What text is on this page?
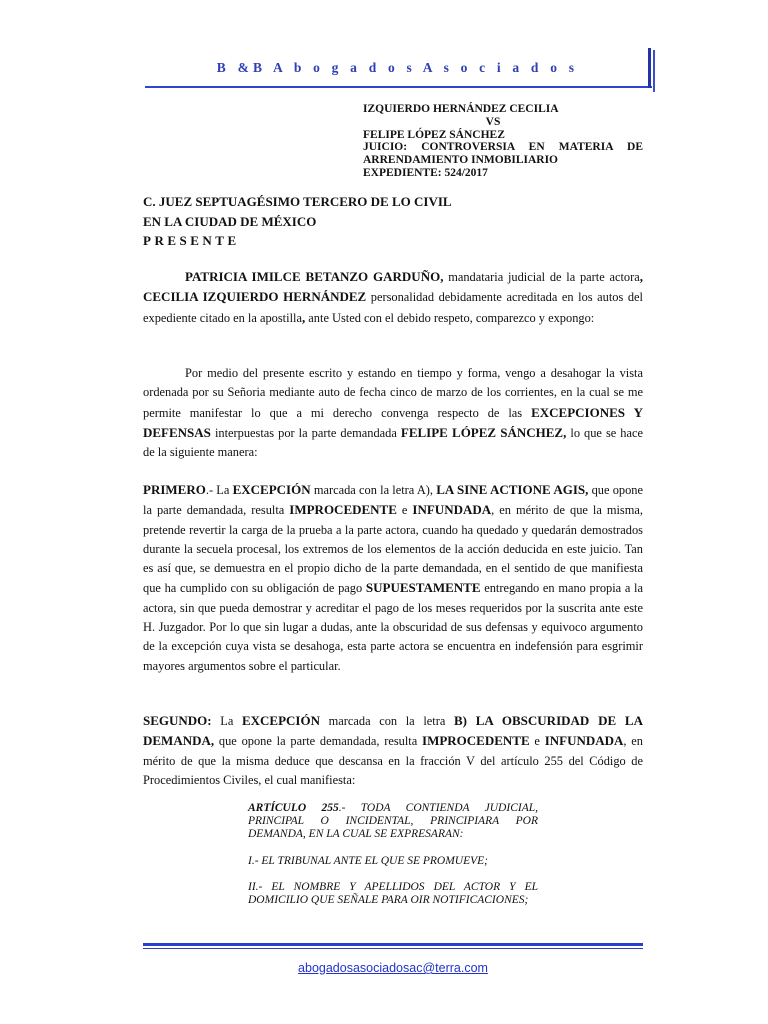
B &B A b o g a d o s A s o c i a d o s
IZQUIERDO HERNÁNDEZ CECILIA
VS
FELIPE LÓPEZ SÁNCHEZ
JUICIO: CONTROVERSIA EN MATERIA DE
ARRENDAMIENTO INMOBILIARIO
EXPEDIENTE: 524/2017
C. JUEZ SEPTUAGÉSIMO TERCERO DE LO CIVIL
EN LA CIUDAD DE MÉXICO
PRESENTE

PATRICIA IMILCE BETANZO GARDUÑO, mandataria judicial de la parte actora, CECILIA IZQUIERDO HERNÁNDEZ personalidad debidamente acreditada en los autos del expediente citado en la apostilla, ante Usted con el debido respeto, comparezco y expongo:

Por medio del presente escrito y estando en tiempo y forma, vengo a desahogar la vista ordenada por su Señoria mediante auto de fecha cinco de marzo de los corrientes, en la cual se me permite manifestar lo que a mi derecho convenga respecto de las EXCEPCIONES Y DEFENSAS interpuestas por la parte demandada FELIPE LÓPEZ SÁNCHEZ, lo que se hace de la siguiente manera:

PRIMERO.- La EXCEPCIÓN marcada con la letra A), LA SINE ACTIONE AGIS, que opone la parte demandada, resulta IMPROCEDENTE e INFUNDADA, en mérito de que la misma, pretende revertir la carga de la prueba a la parte actora, cuando ha quedado y quedarán demostrados durante la secuela procesal, los extremos de los elementos de la acción deducida en este juicio. Tan es así que, se demuestra en el propio dicho de la parte demandada, en el sentido de que manifiesta que ha cumplido con su obligación de pago SUPUESTAMENTE entregando en mano propia a la actora, sin que pueda demostrar y acreditar el pago de los meses requeridos por la suscrita ante este H. Juzgador. Por lo que sin lugar a dudas, ante la obscuridad de sus defensas y equivoco argumento de la excepción cuya vista se desahoga, esta parte actora se encuentra en indefensión para esgrimir mayores argumentos sobre el particular.

SEGUNDO: La EXCEPCIÓN marcada con la letra B) LA OBSCURIDAD DE LA DEMANDA, que opone la parte demandada, resulta IMPROCEDENTE e INFUNDADA, en mérito de que la misma deduce que descansa en la fracción V del artículo 255 del Código de Procedimientos Civiles, el cual manifiesta:

ARTÍCULO 255.- TODA CONTIENDA JUDICIAL, PRINCIPAL O INCIDENTAL, PRINCIPIARA POR DEMANDA, EN LA CUAL SE EXPRESARAN:

I.- EL TRIBUNAL ANTE EL QUE SE PROMUEVE;

II.- EL NOMBRE Y APELLIDOS DEL ACTOR Y EL DOMICILIO QUE SEÑALE PARA OIR NOTIFICACIONES;

abogadosasociadosac@terra.com
